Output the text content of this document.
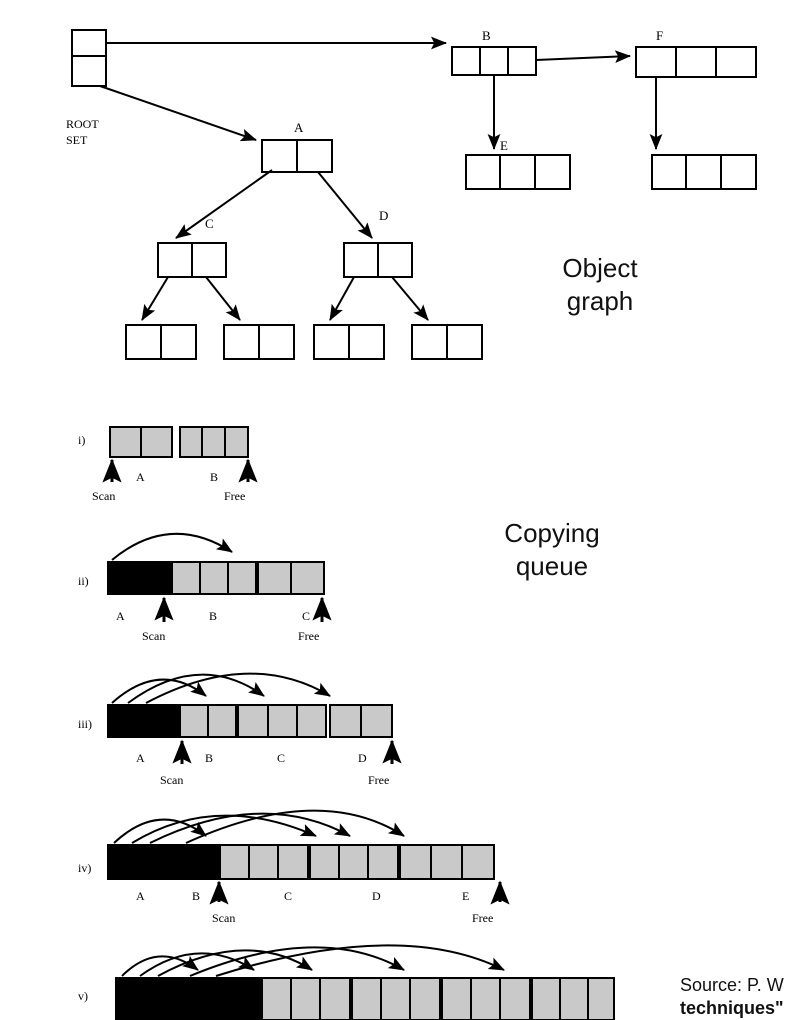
B	F
E
A
C
D
ROOT
SET
i)
A	B
Scan	Free
ii)
A	B	C
Scan	Free
iii)
A	B	C	D
Scan	Free
iv)
A	B	C	D	E
Scan	Free
v)
Object
graph
Copying
queue
Source: P. W
techniques"
